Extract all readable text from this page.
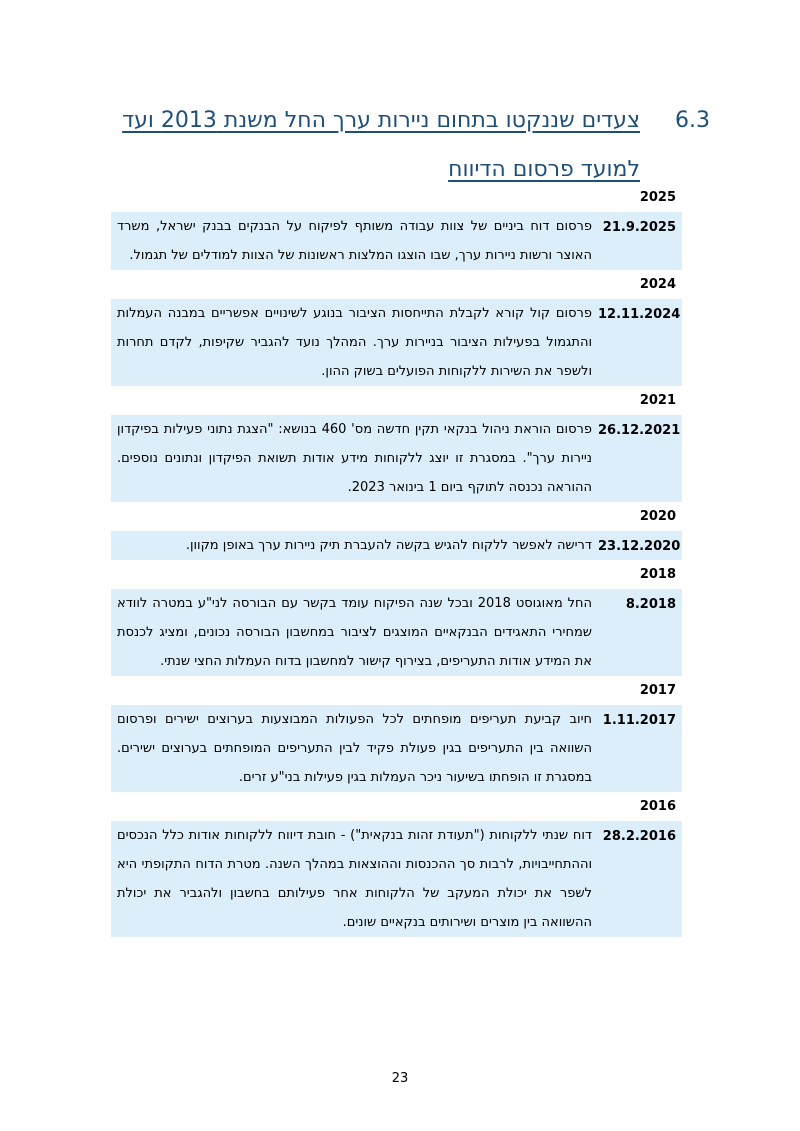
6.3
צעדים שננקטו בתחום ניירות ערך החל משנת 2013 ועד
למועד פרסום הדיווח
2025
21.9.2025
פרסום דוח ביניים של צוות עבודה משותף לפיקוח על הבנקים בבנק ישראל, משרד האוצר ורשות ניירות ערך, שבו הוצגו המלצות ראשונות של הצוות למודלים של תגמול.
2024
12.11.2024
פרסום קול קורא לקבלת התייחסות הציבור בנוגע לשינויים אפשריים במבנה העמלות והתגמול בפעילות הציבור בניירות ערך. המהלך נועד להגביר שקיפות, לקדם תחרות ולשפר את השירות ללקוחות הפועלים בשוק ההון.
2021
26.12.2021
פרסום הוראת ניהול בנקאי תקין חדשה מס' 460 בנושא: "הצגת נתוני פעילות בפיקדון ניירות ערך". במסגרת זו יוצג ללקוחות מידע אודות תשואת הפיקדון ונתונים נוספים. ההוראה נכנסה לתוקף ביום 1 בינואר 2023.
2020
23.12.2020
דרישה לאפשר ללקוח להגיש בקשה להעברת תיק ניירות ערך באופן מקוון.
2018
8.2018
החל מאוגוסט 2018 ובכל שנה הפיקוח עומד בקשר עם הבורסה לני"ע במטרה לוודא שמחירי התאגידים הבנקאיים המוצגים לציבור במחשבון הבורסה נכונים, ומציג לכנסת את המידע אודות התעריפים, בצירוף קישור למחשבון בדוח העמלות החצי שנתי.
2017
1.11.2017
חיוב קביעת תעריפים מופחתים לכל הפעולות המבוצעות בערוצים ישירים ופרסום השוואה בין התעריפים בגין פעולת פקיד לבין התעריפים המופחתים בערוצים ישירים. במסגרת זו הופחתו בשיעור ניכר העמלות בגין פעילות בני"ע זרים.
2016
28.2.2016
דוח שנתי ללקוחות ("תעודת זהות בנקאית") - חובת דיווח ללקוחות אודות כלל הנכסים וההתחייבויות, לרבות סך ההכנסות וההוצאות במהלך השנה. מטרת הדוח התקופתי היא לשפר את יכולת המעקב של הלקוחות אחר פעילותם בחשבון ולהגביר את יכולת ההשוואה בין מוצרים ושירותים בנקאיים שונים.
23
